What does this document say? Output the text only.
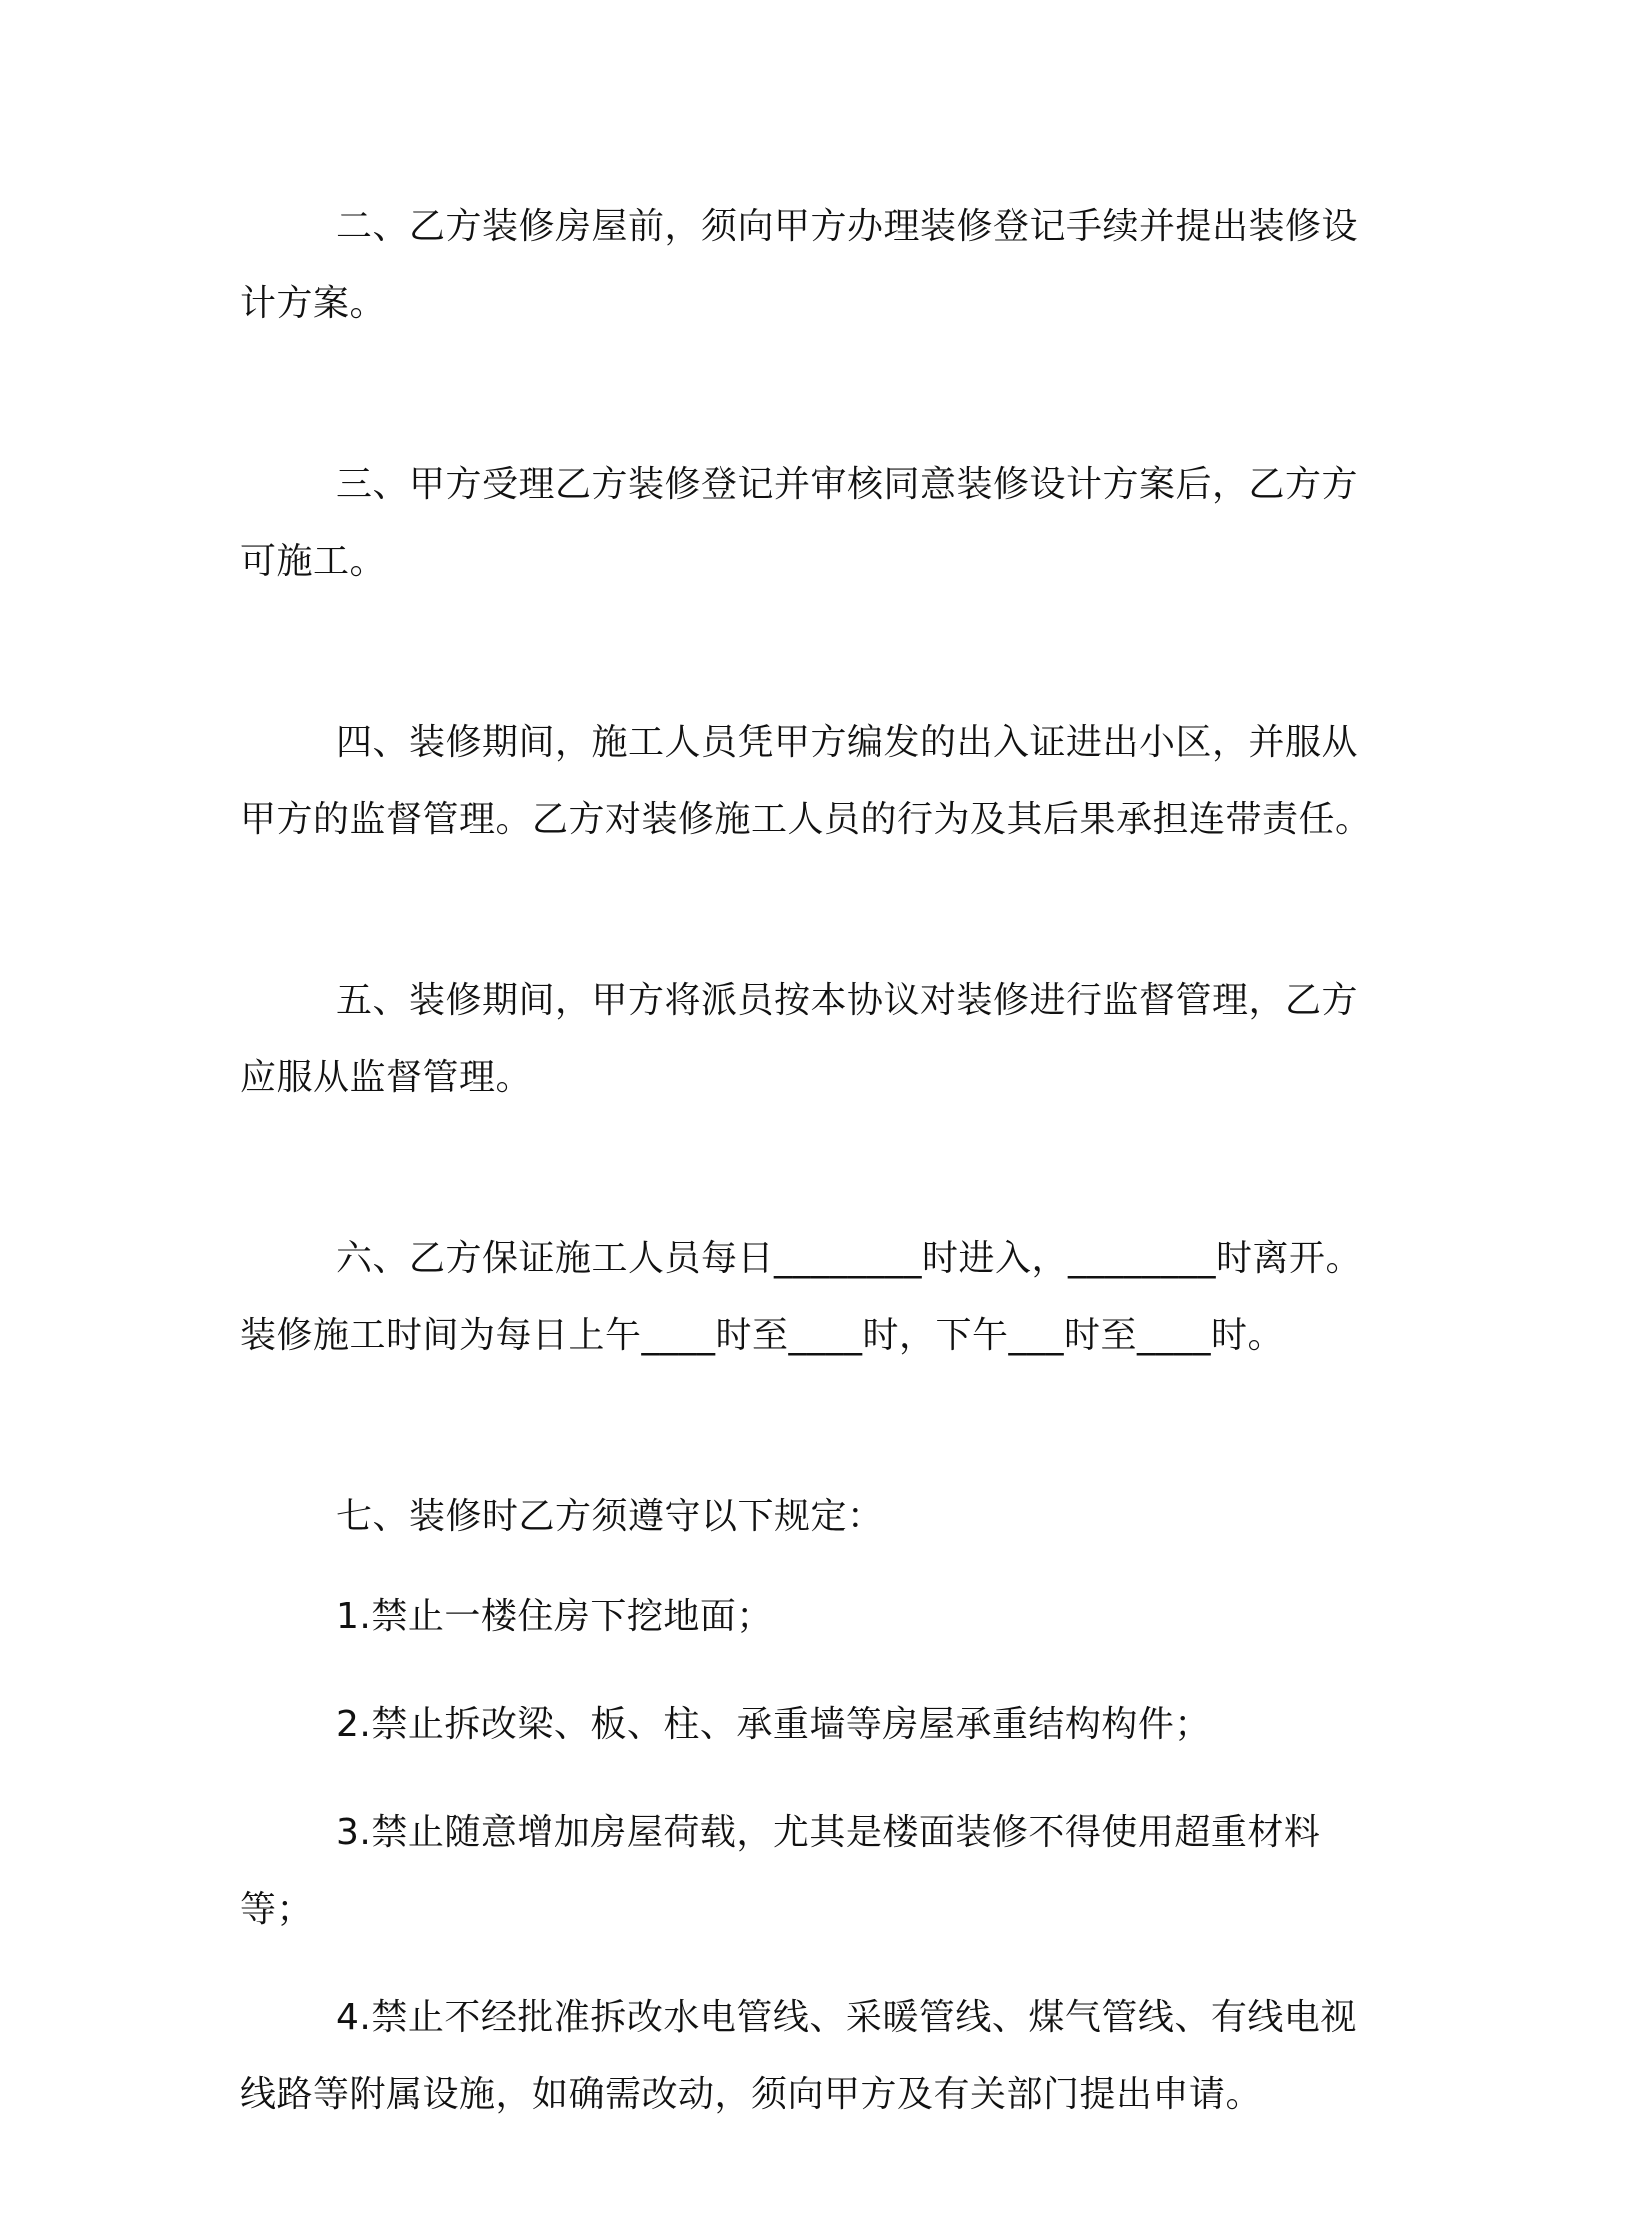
二、乙方装修房屋前，须向甲方办理装修登记手续并提出装修设计方案。

三、甲方受理乙方装修登记并审核同意装修设计方案后，乙方方可施工。

四、装修期间，施工人员凭甲方编发的出入证进出小区，并服从甲方的监督管理。乙方对装修施工人员的行为及其后果承担连带责任。

五、装修期间，甲方将派员按本协议对装修进行监督管理，乙方应服从监督管理。

六、乙方保证施工人员每日________时进入，________时离开。装修施工时间为每日上午____时至____时，下午___时至____时。

七、装修时乙方须遵守以下规定：

1.禁止一楼住房下挖地面；

2.禁止拆改梁、板、柱、承重墙等房屋承重结构构件；

3.禁止随意增加房屋荷载，尤其是楼面装修不得使用超重材料等；

4.禁止不经批准拆改水电管线、采暖管线、煤气管线、有线电视线路等附属设施，如确需改动，须向甲方及有关部门提出申请。
